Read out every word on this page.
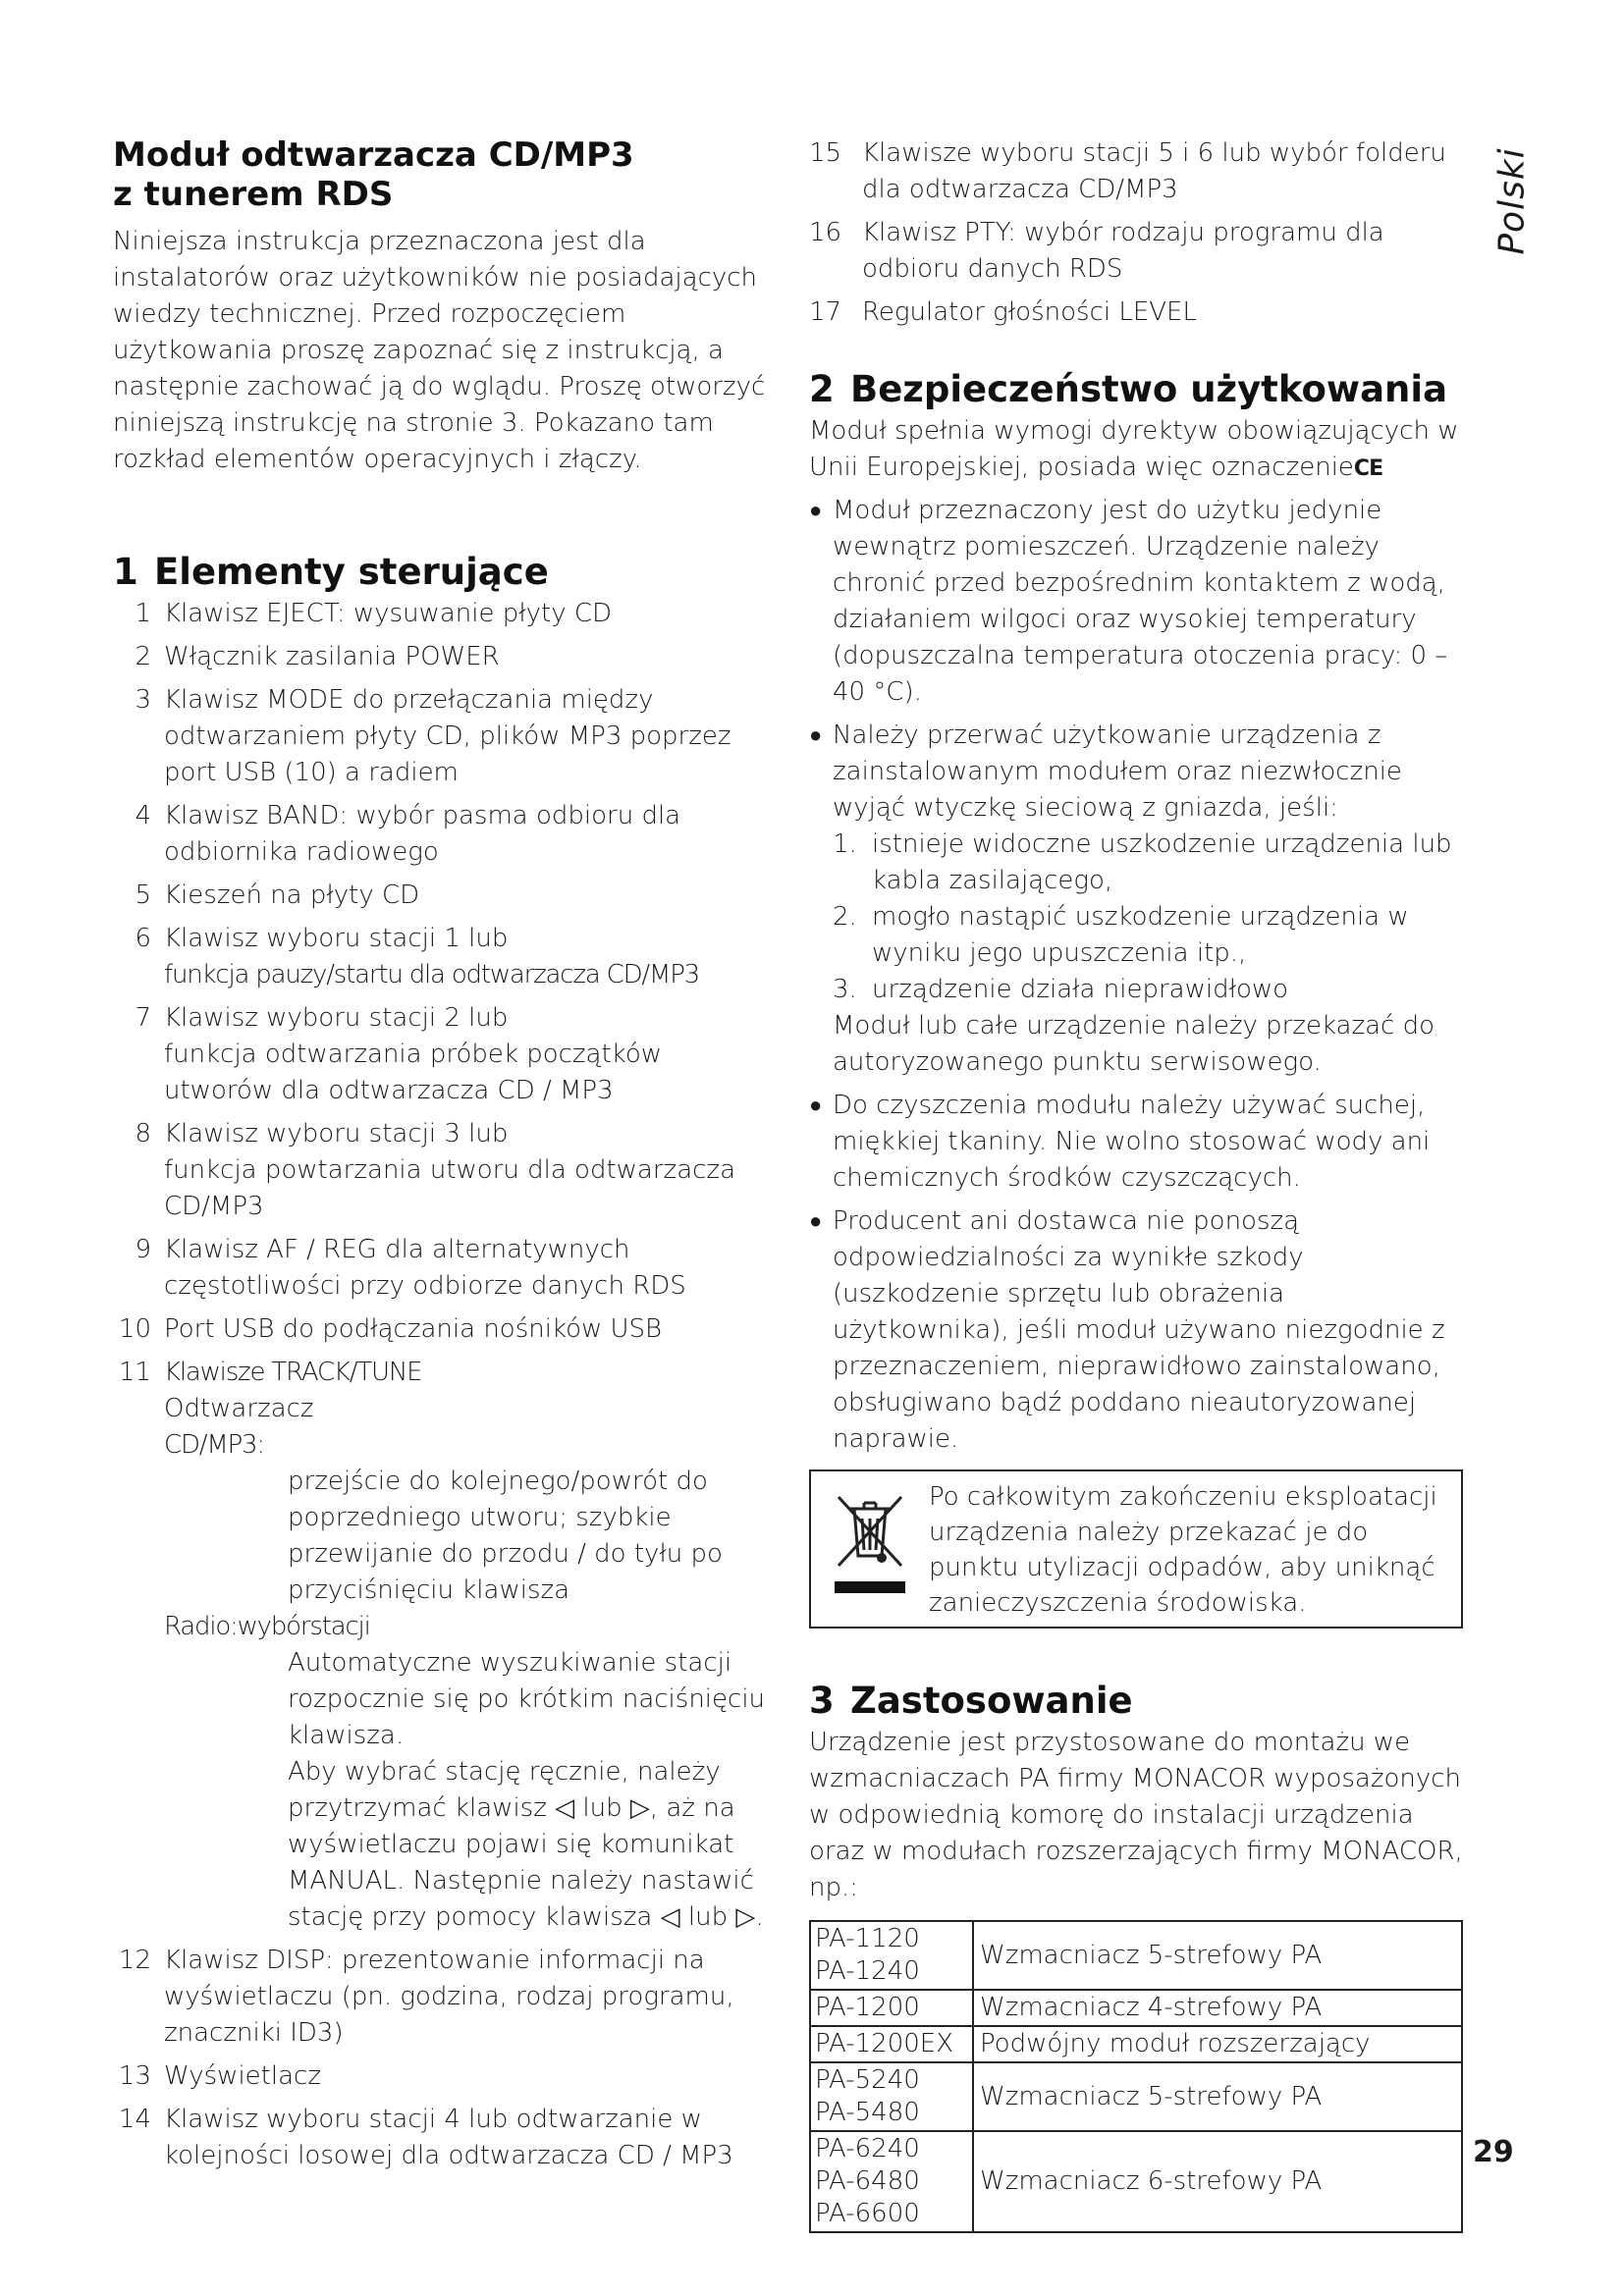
Moduł odtwarzacza CD/MP3
z tunerem RDS

Niniejsza instrukcja przeznaczona jest dla instalatorów oraz użytkowników nie posiadających wiedzy technicznej. Przed rozpoczęciem użytkowania proszę zapoznać się z instrukcją, a następnie zachować ją do wglądu. Proszę otworzyć niniejszą instrukcję na stronie 3. Pokazano tam rozkład elementów operacyjnych i złączy.

1 Elementy sterujące
1 Klawisz EJECT: wysuwanie płyty CD
2 Włącznik zasilania POWER
3 Klawisz MODE do przełączania między odtwarzaniem płyty CD, plików MP3 poprzez port USB (10) a radiem
4 Klawisz BAND: wybór pasma odbioru dla odbiornika radiowego
5 Kieszeń na płyty CD
6 Klawisz wyboru stacji 1 lub
funkcja pauzy/startu dla odtwarzacza CD/MP3
7 Klawisz wyboru stacji 2 lub
funkcja odtwarzania próbek początków utworów dla odtwarzacza CD / MP3
8 Klawisz wyboru stacji 3 lub
funkcja powtarzania utworu dla odtwarzacza CD/MP3
9 Klawisz AF / REG dla alternatywnych częstotliwości przy odbiorze danych RDS
10 Port USB do podłączania nośników USB
11 Klawisze TRACK/TUNE
Odtwarzacz
CD/MP3:
przejście do kolejnego/powrót do poprzedniego utworu; szybkie przewijanie do przodu / do tyłu po przyciśnięciu klawisza
Radio:wybórstacji
Automatyczne wyszukiwanie stacji rozpocznie się po krótkim naciśnięciu klawisza.
Aby wybrać stację ręcznie, należy przytrzymać klawisz ◁ lub ▷, aż na wyświetlaczu pojawi się komunikat MANUAL. Następnie należy nastawić stację przy pomocy klawisza ◁ lub ▷.
12 Klawisz DISP: prezentowanie informacji na wyświetlaczu (pn. godzina, rodzaj programu, znaczniki ID3)
13 Wyświetlacz
14 Klawisz wyboru stacji 4 lub odtwarzanie w kolejności losowej dla odtwarzacza CD / MP3
15 Klawisze wyboru stacji 5 i 6 lub wybór folderu dla odtwarzacza CD/MP3
16 Klawisz PTY: wybór rodzaju programu dla odbioru danych RDS
17 Regulator głośności LEVEL
2 Bezpieczeństwo użytkowania

Moduł spełnia wymogi dyrektyw obowiązujących w Unii Europejskiej, posiada więc oznaczenieCE

● Moduł przeznaczony jest do użytku jedynie wewnątrz pomieszczeń. Urządzenie należy chronić przed bezpośrednim kontaktem z wodą, działaniem wilgoci oraz wysokiej temperatury (dopuszczalna temperatura otoczenia pracy: 0 – 40 °C).
● Należy przerwać użytkowanie urządzenia z zainstalowanym modułem oraz niezwłocznie wyjąć wtyczkę sieciową z gniazda, jeśli:
1. istnieje widoczne uszkodzenie urządzenia lub kabla zasilającego,
2. mogło nastąpić uszkodzenie urządzenia w wyniku jego upuszczenia itp.,
3. urządzenie działa nieprawidłowo
Moduł lub całe urządzenie należy przekazać do autoryzowanego punktu serwisowego.
● Do czyszczenia modułu należy używać suchej, miękkiej tkaniny. Nie wolno stosować wody ani chemicznych środków czyszczących.
● Producent ani dostawca nie ponoszą odpowiedzialności za wynikłe szkody (uszkodzenie sprzętu lub obrażenia użytkownika), jeśli moduł używano niezgodnie z przeznaczeniem, nieprawidłowo zainstalowano, obsługiwano bądź poddano nieautoryzowanej naprawie.
Po całkowitym zakończeniu eksploatacji urządzenia należy przekazać je do punktu utylizacji odpadów, aby uniknąć zanieczyszczenia środowiska.
3 Zastosowanie

Urządzenie jest przystosowane do montażu we wzmacniaczach PA firmy MONACOR wyposażonych w odpowiednią komorę do instalacji urządzenia oraz w modułach rozszerzających firmy MONACOR, np.:

PA-1120
PA-1240	Wzmacniacz 5-strefowy PA
PA-1200	Wzmacniacz 4-strefowy PA
PA-1200EX	Podwójny moduł rozszerzający
PA-5240
PA-5480	Wzmacniacz 5-strefowy PA
PA-6240
PA-6480
PA-6600	Wzmacniacz 6-strefowy PA
Polski
29
